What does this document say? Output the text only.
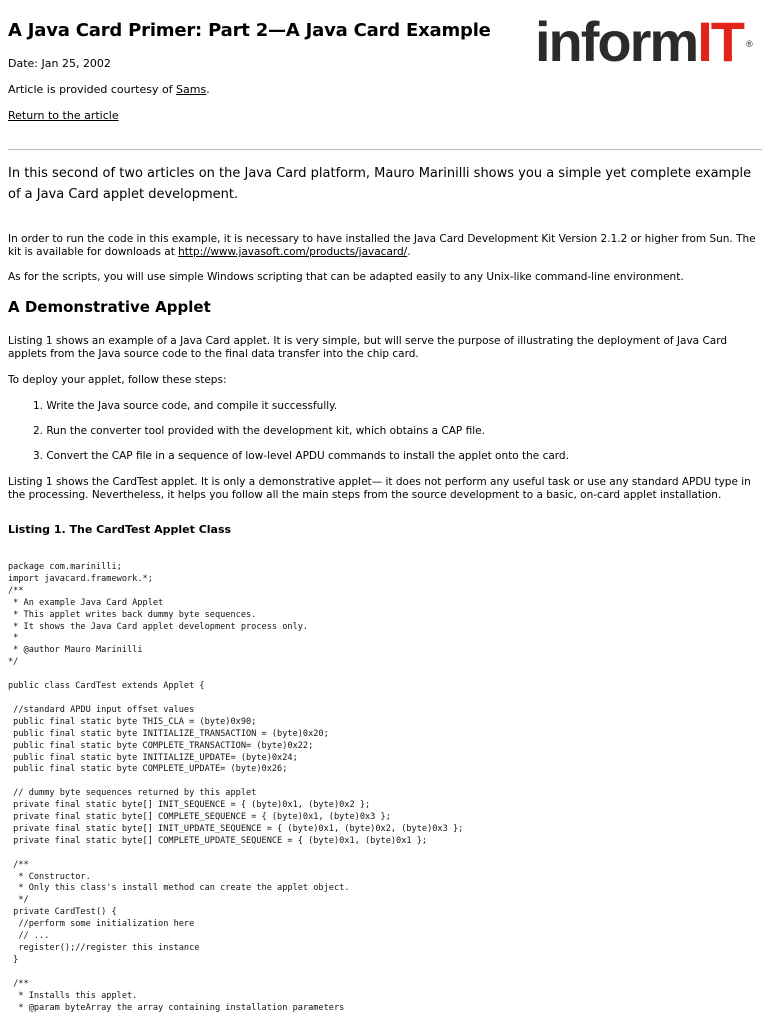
A Java Card Primer: Part 2—A Java Card Example informIT ®

Date: Jan 25, 2002

Article is provided courtesy of Sams.

Return to the article

In this second of two articles on the Java Card platform, Mauro Marinilli shows you a simple yet complete example of a Java Card applet development.

In order to run the code in this example, it is necessary to have installed the Java Card Development Kit Version 2.1.2 or higher from Sun. The kit is available for downloads at http://www.javasoft.com/products/javacard/.

As for the scripts, you will use simple Windows scripting that can be adapted easily to any Unix-like command-line environment.

A Demonstrative Applet

Listing 1 shows an example of a Java Card applet. It is very simple, but will serve the purpose of illustrating the deployment of Java Card applets from the Java source code to the final data transfer into the chip card.

To deploy your applet, follow these steps:

1. Write the Java source code, and compile it successfully.

2. Run the converter tool provided with the development kit, which obtains a CAP file.

3. Convert the CAP file in a sequence of low-level APDU commands to install the applet onto the card.

Listing 1 shows the CardTest applet. It is only a demonstrative applet— it does not perform any useful task or use any standard APDU type in the processing. Nevertheless, it helps you follow all the main steps from the source development to a basic, on-card applet installation.

Listing 1. The CardTest Applet Class
package com.marinilli;
import javacard.framework.*;
/**
* An example Java Card Applet
* This applet writes back dummy byte sequences.
* It shows the Java Card applet development process only.
*
* @author Mauro Marinilli
*/

public class CardTest extends Applet {

//standard APDU input offset values
public final static byte THIS_CLA = (byte)0x90;
public final static byte INITIALIZE_TRANSACTION = (byte)0x20;
public final static byte COMPLETE_TRANSACTION= (byte)0x22;
public final static byte INITIALIZE_UPDATE= (byte)0x24;
public final static byte COMPLETE_UPDATE= (byte)0x26;

// dummy byte sequences returned by this applet
private final static byte[] INIT_SEQUENCE = { (byte)0x1, (byte)0x2 };
private final static byte[] COMPLETE_SEQUENCE = { (byte)0x1, (byte)0x3 };
private final static byte[] INIT_UPDATE_SEQUENCE = { (byte)0x1, (byte)0x2, (byte)0x3 };
private final static byte[] COMPLETE_UPDATE_SEQUENCE = { (byte)0x1, (byte)0x1 };

/**
* Constructor.
* Only this class's install method can create the applet object.
*/
private CardTest() {
//perform some initialization here
// ...
register();//register this instance
}

/**
* Installs this applet.
* @param byteArray the array containing installation parameters
